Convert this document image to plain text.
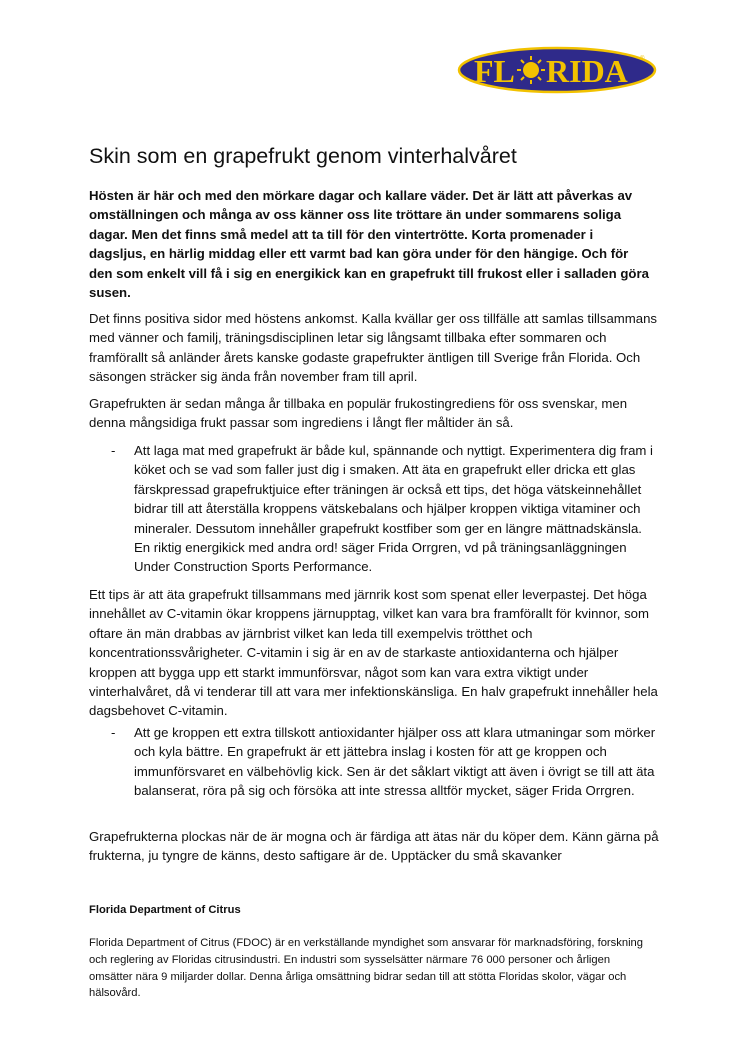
FL RIDA ®
Skin som en grapefrukt genom vinterhalvåret

Hösten är här och med den mörkare dagar och kallare väder. Det är lätt att påverkas av omställningen och många av oss känner oss lite tröttare än under sommarens soliga dagar. Men det finns små medel att ta till för den vintertrötte. Korta promenader i dagsljus, en härlig middag eller ett varmt bad kan göra under för den hängige. Och för den som enkelt vill få i sig en energikick kan en grapefrukt till frukost eller i salladen göra susen.

Det finns positiva sidor med höstens ankomst. Kalla kvällar ger oss tillfälle att samlas tillsammans med vänner och familj, träningsdisciplinen letar sig långsamt tillbaka efter sommaren och framförallt så anländer årets kanske godaste grapefrukter äntligen till Sverige från Florida. Och säsongen sträcker sig ända från november fram till april.

Grapefrukten är sedan många år tillbaka en populär frukostingrediens för oss svenskar, men denna mångsidiga frukt passar som ingrediens i långt fler måltider än så.

- Att laga mat med grapefrukt är både kul, spännande och nyttigt. Experimentera dig fram i köket och se vad som faller just dig i smaken. Att äta en grapefrukt eller dricka ett glas färskpressad grapefruktjuice efter träningen är också ett tips, det höga vätskeinnehållet bidrar till att återställa kroppens vätskebalans och hjälper kroppen viktiga vitaminer och mineraler. Dessutom innehåller grapefrukt kostfiber som ger en längre mättnadskänsla. En riktig energikick med andra ord! säger Frida Orrgren, vd på träningsanläggningen Under Construction Sports Performance.

Ett tips är att äta grapefrukt tillsammans med järnrik kost som spenat eller leverpastej. Det höga innehållet av C-vitamin ökar kroppens järnupptag, vilket kan vara bra framförallt för kvinnor, som oftare än män drabbas av järnbrist vilket kan leda till exempelvis trötthet och koncentrationssvårigheter. C-vitamin i sig är en av de starkaste antioxidanterna och hjälper kroppen att bygga upp ett starkt immunförsvar, något som kan vara extra viktigt under vinterhalvåret, då vi tenderar till att vara mer infektionskänsliga. En halv grapefrukt innehåller hela dagsbehovet C-vitamin.

- Att ge kroppen ett extra tillskott antioxidanter hjälper oss att klara utmaningar som mörker och kyla bättre. En grapefrukt är ett jättebra inslag i kosten för att ge kroppen och immunförsvaret en välbehövlig kick. Sen är det såklart viktigt att även i övrigt se till att äta balanserat, röra på sig och försöka att inte stressa alltför mycket, säger Frida Orrgren.

Grapefrukterna plockas när de är mogna och är färdiga att ätas när du köper dem. Känn gärna på frukterna, ju tyngre de känns, desto saftigare är de. Upptäcker du små skavanker

Florida Department of Citrus

Florida Department of Citrus (FDOC) är en verkställande myndighet som ansvarar för marknadsföring, forskning och reglering av Floridas citrusindustri. En industri som sysselsätter närmare 76 000 personer och årligen omsätter nära 9 miljarder dollar. Denna årliga omsättning bidrar sedan till att stötta Floridas skolor, vägar och hälsovård.
